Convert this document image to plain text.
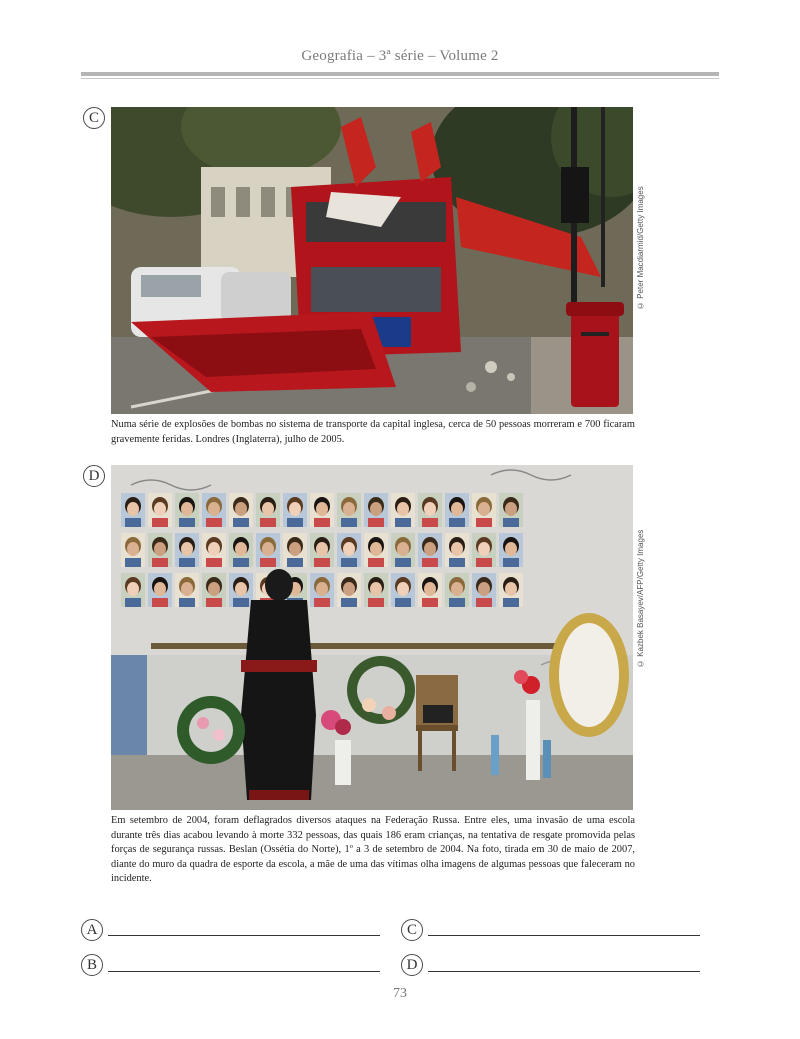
Geografia – 3ª série – Volume 2
C
© Peter Macdiarmid/Getty Images
Numa série de explosões de bombas no sistema de transporte da capital inglesa, cerca de 50 pessoas morreram e 700 ficaram gravemente feridas. Londres (Inglaterra), julho de 2005.
D
© Kazbek Basayev/AFP/Getty Images
Em setembro de 2004, foram deflagrados diversos ataques na Federação Russa. Entre eles, uma invasão de uma escola durante três dias acabou levando à morte 332 pessoas, das quais 186 eram crianças, na tentativa de resgate promovida pelas forças de segurança russas. Beslan (Ossétia do Norte), 1º a 3 de setembro de 2004. Na foto, tirada em 30 de maio de 2007, diante do muro da quadra de esporte da escola, a mãe de uma das vítimas olha imagens de algumas pessoas que faleceram no incidente.
A	C
B	D
73
